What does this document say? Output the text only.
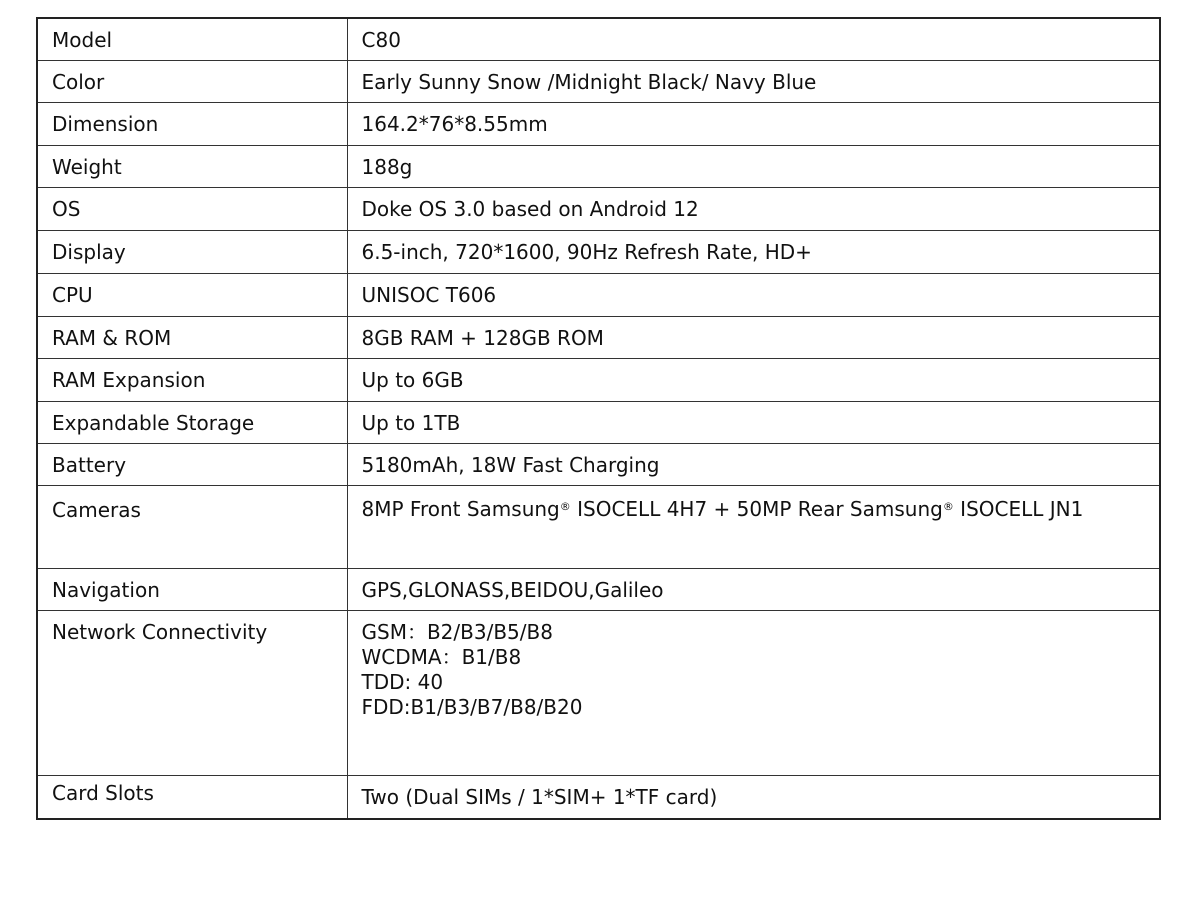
Model	C80
Color	Early Sunny Snow /Midnight Black/ Navy Blue
Dimension	164.2*76*8.55mm
Weight	188g
OS	Doke OS 3.0 based on Android 12
Display	6.5-inch, 720*1600, 90Hz Refresh Rate, HD+
CPU	UNISOC T606
RAM & ROM	8GB RAM + 128GB ROM
RAM Expansion	Up to 6GB
Expandable Storage	Up to 1TB
Battery	5180mAh, 18W Fast Charging
Cameras	8MP Front Samsung® ISOCELL 4H7 + 50MP Rear Samsung® ISOCELL JN1
Navigation	GPS,GLONASS,BEIDOU,Galileo
Network Connectivity	GSM：B2/B3/B5/B8
WCDMA：B1/B8
TDD: 40
FDD:B1/B3/B7/B8/B20

Card Slots	Two (Dual SIMs / 1*SIM+ 1*TF card)
